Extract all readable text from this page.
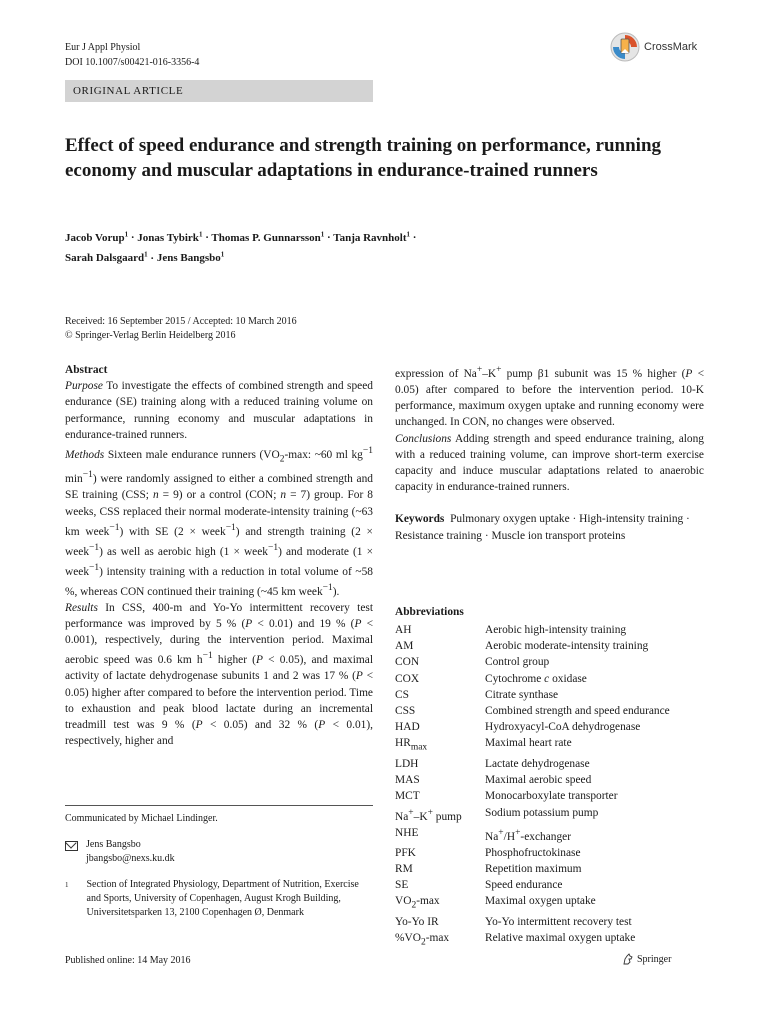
Eur J Appl Physiol
DOI 10.1007/s00421-016-3356-4
CrossMark
ORIGINAL ARTICLE
Effect of speed endurance and strength training on performance, running economy and muscular adaptations in endurance-trained runners
Jacob Vorup$^1$ · Jonas Tybirk$^1$ · Thomas P. Gunnarsson$^1$ · Tanja Ravnholt$^1$ ·
Sarah Dalsgaard$^1$ · Jens Bangsbo$^1$
Received: 16 September 2015 / Accepted: 10 March 2016
© Springer-Verlag Berlin Heidelberg 2016

Abstract

Purpose To investigate the effects of combined strength and speed endurance (SE) training along with a reduced training volume on performance, running economy and muscular adaptations in endurance-trained runners.

Methods Sixteen male endurance runners ($VO_2-\max$: ~60 ml $kg^{-1}$ $\min^{-1}$) were randomly assigned to either a combined strength and SE training (CSS; n = 9) or a control (CON; n = 7) group. For 8 weeks, CSS replaced their normal moderate-intensity training (~63 km week$^{-1}$) with SE (2 × week$^{-1}$) and strength training (2 × week$^{-1}$) as well as aerobic high (1 × week$^{-1}$) and moderate (1 × week$^{-1}$) intensity training with a reduction in total volume of ~58 %, whereas CON continued their training (~45 km week$^{-1}$).

Results In CSS, 400-m and Yo-Yo intermittent recovery test performance was improved by 5 % (P < 0.01) and 19 % (P < 0.001), respectively, during the intervention period. Maximal aerobic speed was 0.6 km $h^{-1}$ higher (P < 0.05), and maximal activity of lactate dehydrogenase subunits 1 and 2 was 17 % (P < 0.05) higher after compared to before the intervention period. Time to exhaustion and peak blood lactate during an incremental treadmill test was 9 % (P < 0.05) and 32 % (P < 0.01), respectively, higher and

Communicated by Michael Lindinger.
Jens Bangsbo
jbangsbo@nexs.ku.dk
1	Section of Integrated Physiology, Department of Nutrition, Exercise and Sports, University of Copenhagen, August Krogh Building, Universitetsparken 13, 2100 Copenhagen Ø, Denmark

expression of Na+–K+ pump β1 subunit was 15 % higher (P < 0.05) after compared to before the intervention period. 10-K performance, maximum oxygen uptake and running economy were unchanged. In CON, no changes were observed.

Conclusions Adding strength and speed endurance training, along with a reduced training volume, can improve short-term exercise capacity and induce muscular adaptations related to anaerobic capacity in endurance-trained runners.

Keywords Pulmonary oxygen uptake · High-intensity training · Resistance training · Muscle ion transport proteins

Abbreviations
AH	Aerobic high-intensity training
AM	Aerobic moderate-intensity training
CON	Control group
COX	Cytochrome c oxidase
CS	Citrate synthase
CSS	Combined strength and speed endurance
HAD	Hydroxyacyl-CoA dehydrogenase
$HR_{max}$	Maximal heart rate
LDH	Lactate dehydrogenase
MAS	Maximal aerobic speed
MCT	Monocarboxylate transporter
Na+–K+ pump	Sodium potassium pump
NHE	Na+/H+-exchanger
PFK	Phosphofructokinase
RM	Repetition maximum
SE	Speed endurance
$VO_2-\max$	Maximal oxygen uptake
Yo-Yo IR	Yo-Yo intermittent recovery test
$\%VO_2-\max$	Relative maximal oxygen uptake
Published online: 14 May 2016	Springer
